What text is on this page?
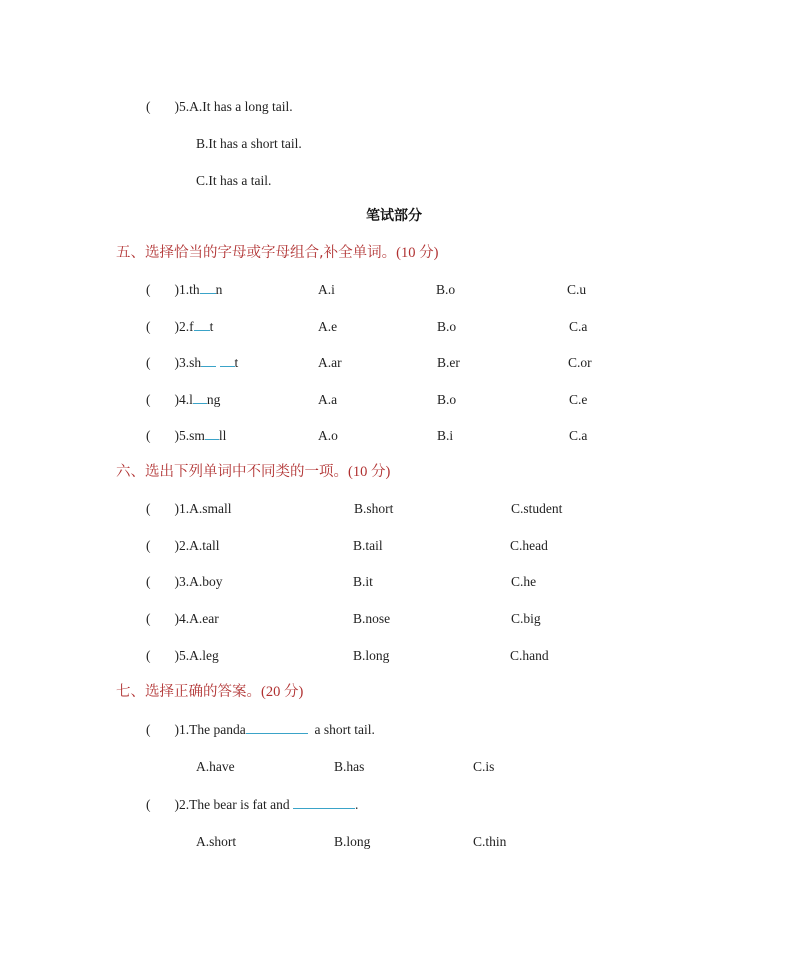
( )5.A.It has a long tail.
B.It has a short tail.
C.It has a tail.
笔试部分
五、选择恰当的字母或字母组合,补全单词。(10 分)
( )1.th n	A.i	B.o	C.u
( )2.f t	A.e	B.o	C.a
( )3.sh t	A.ar	B.er	C.or
( )4.l ng	A.a	B.o	C.e
( )5.sm ll	A.o	B.i	C.a
六、选出下列单词中不同类的一项。(10 分)
( )1.A.small	B.short	C.student
( )2.A.tall	B.tail	C.head
( )3.A.boy	B.it	C.he
( )4.A.ear	B.nose	C.big
( )5.A.leg	B.long	C.hand
七、选择正确的答案。(20 分)
( )1.The panda	a short tail.
A.have	B.has	C.is
( )2.The bear is fat and	.
A.short	B.long	C.thin
